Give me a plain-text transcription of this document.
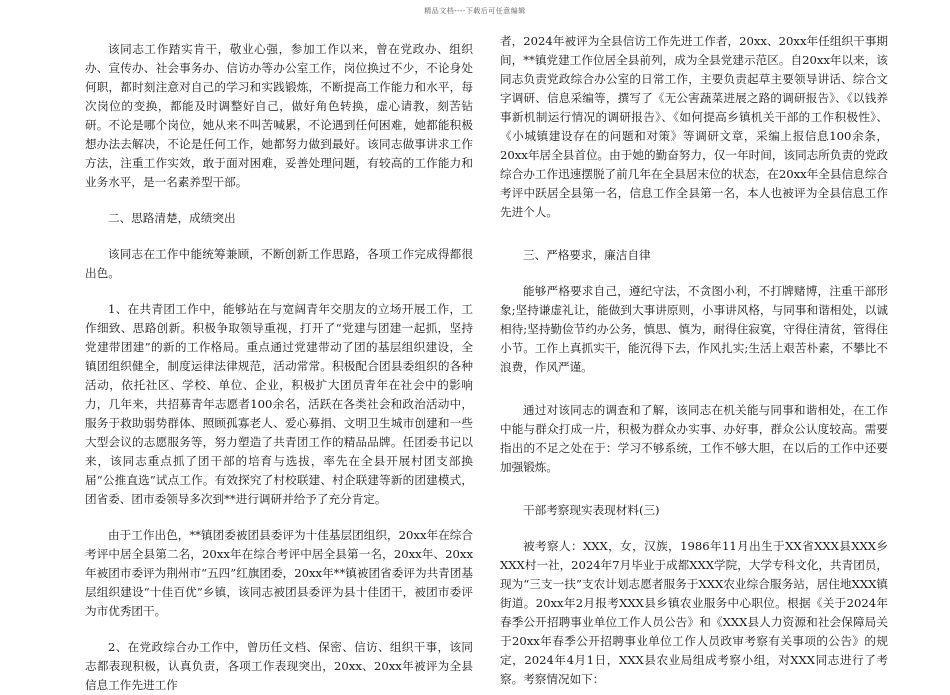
精品文档----下载后可任意编辑

该同志工作踏实肯干，敬业心强，参加工作以来，曾在党政办、组织办、宣传办、社会事务办、信访办等办公室工作，岗位换过不少，不论身处何职，都时刻注意对自己的学习和实践锻炼，不断提高工作能力和水平，每次岗位的变换，都能及时调整好自己，做好角色转换，虚心请教，刻苦钻研。不论是哪个岗位，她从来不叫苦喊累，不论遇到任何困难，她都能积极想办法去解决，不论是任何工作，她都努力做到最好。该同志做事讲求工作方法，注重工作实效，敢于面对困难，妥善处理问题，有较高的工作能力和业务水平，是一名素养型干部。

二、思路清楚，成绩突出

该同志在工作中能统筹兼顾，不断创新工作思路，各项工作完成得都很出色。

1、在共青团工作中，能够站在与宽阔青年交朋友的立场开展工作，工作细致、思路创新。积极争取领导重视，打开了“党建与团建一起抓，坚持党建带团建”的新的工作格局。重点通过党建带动了团的基层组织建设，全镇团组织健全，制度运律法律规范，活动常常。积极配合团县委组织的各种活动，依托社区、学校、单位、企业，积极扩大团员青年在社会中的影响力，几年来，共招募青年志愿者100余名，活跃在各类社会和政治活动中，服务于救助弱势群体、照顾孤寡老人、爱心募捐、文明卫生城市创建和一些大型会议的志愿服务等，努力塑造了共青团工作的精品品牌。任团委书记以来，该同志重点抓了团干部的培育与选拔，率先在全县开展村团支部换届“公推直选”试点工作。有效探究了村校联建、村企联建等新的团建模式，团省委、团市委领导多次到**进行调研并给予了充分肯定。

由于工作出色，**镇团委被团县委评为十佳基层团组织，20xx年在综合考评中居全县第二名，20xx年在综合考评中居全县第一名，20xx年、20xx年被团市委评为荆州市“五四”红旗团委，20xx年**镇被团省委评为共青团基层组织建设“十佳百优”乡镇，该同志被团县委评为县十佳团干，被团市委评为市优秀团干。

2、在党政综合办工作中，曾历任文档、保密、信访、组织干事，该同志都表现积极，认真负责，各项工作表现突出，20xx、20xx年被评为全县信息工作先进工作

者，2024年被评为全县信访工作先进工作者，20xx、20xx年任组织干事期间，**镇党建工作位居全县前列，成为全县党建示范区。自20xx年以来，该同志负责党政综合办公室的日常工作，主要负责起草主要领导讲话、综合文字调研、信息采编等，撰写了《无公害蔬菜进展之路的调研报告》、《以钱养事新机制运行情况的调研报告》、《如何提高乡镇机关干部的工作积极性》、《小城镇建设存在的问题和对策》等调研文章，采编上报信息100余条，20xx年居全县首位。由于她的勤奋努力，仅一年时间，该同志所负责的党政综合办工作迅速摆脱了前几年在全县居末位的状态，在20xx年全县信息综合考评中跃居全县第一名，信息工作全县第一名，本人也被评为全县信息工作先进个人。

三、严格要求，廉洁自律

能够严格要求自己，遵纪守法，不贪图小利，不打牌赌博，注重干部形象;坚持谦虚礼让，能做到大事讲原则，小事讲风格，与同事和谐相处，以诚相待;坚持勤俭节约办公务，慎思、慎为，耐得住寂寞，守得住清贫，管得住小节。工作上真抓实干，能沉得下去，作风扎实;生活上艰苦朴素，不攀比不浪费，作风严谨。

通过对该同志的调查和了解，该同志在机关能与同事和谐相处，在工作中能与群众打成一片，积极为群众办实事、办好事，群众公认度较高。需要指出的不足之处在于：学习不够系统，工作不够大胆，在以后的工作中还要加强锻炼。

干部考察现实表现材料(三)

被考察人：XXX，女，汉族，1986年11月出生于XX省XXX县XXX乡XXX村一社，2024年7月毕业于成都XXX学院，大学专科文化，共青团员，现为“三支一扶”支农计划志愿者服务于XXX农业综合服务站，居住地XXX镇街道。20xx年2月报考XXX县乡镇农业服务中心职位。根据《关于2024年春季公开招聘事业单位工作人员公告》和《XXX县人力资源和社会保障局关于20xx年春季公开招聘事业单位工作人员政审考察有关事项的公告》的规定，2024年4月1日，XXX县农业局组成考察小组，对XXX同志进行了考察。考察情况如下：
